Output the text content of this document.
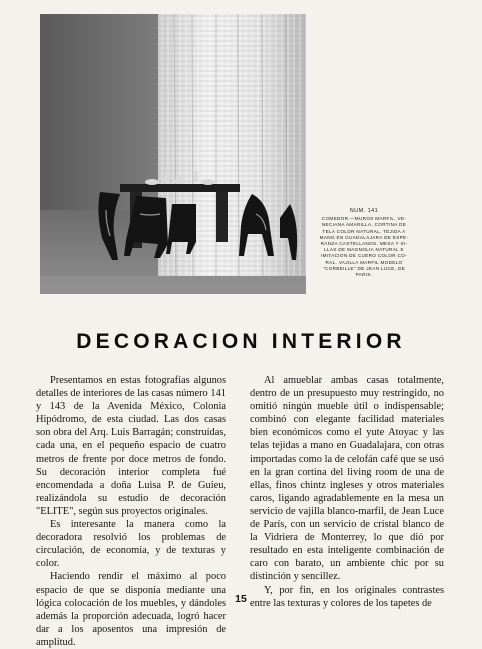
NUM. 141
COMEDOR.—MUROS MARFIL, VE-
NECIANA AMARILLA, CORTINA DE
TELA COLOR NATURAL, TEJIDA A
MANO EN GUADALAJARA DE ESPE-
RANZA CASTELLANOS. MESA Y SI-
LLAS DE MAGNOLIA NATURAL E
IMITACION DE CUERO COLOR CO-
RAL. VAJILLA MARFIL MODELO
"CORBEILLE" DE JEAN LUCE, DE
PARIS.
DECORACION INTERIOR

Presentamos en estas fotografías algunos detalles de interiores de las casas número 141 y 143 de la Avenida México, Colonia Hipódromo, de esta ciudad. Las dos casas son obra del Arq. Luis Barragán; construídas, cada una, en el pequeño espacio de cuatro metros de frente por doce metros de fondo. Su decoración interior completa fué encomendada a doña Luisa P. de Guieu, realizándola su estudio de decoración "ELITE", según sus proyectos originales.

Es interesante la manera como la decoradora resolvió los problemas de circulación, de economía, y de texturas y color.

Haciendo rendir el máximo al poco espacio de que se disponía mediante una lógica colocación de los muebles, y dándoles además la proporción adecuada, logró hacer dar a los aposentos una impresión de amplitud.

Al amueblar ambas casas totalmente, dentro de un presupuesto muy restringido, no omitió ningún mueble útil o indispensable; combinó con elegante facilidad materiales bien económicos como el yute Atoyac y las telas tejidas a mano en Guadalajara, con otras importadas como la de celofán café que se usó en la gran cortina del living room de una de ellas, finos chintz ingleses y otros materiales caros, ligando agradablemente en la mesa un servicio de vajilla blanco-marfil, de Jean Luce de París, con un servicio de cristal blanco de la Vidriera de Monterrey, lo que dió por resultado en esta inteligente combinación de caro con barato, un ambiente chic por su distinción y sencillez.

Y, por fin, en los originales contrastes entre las texturas y colores de los tapetes de

15
